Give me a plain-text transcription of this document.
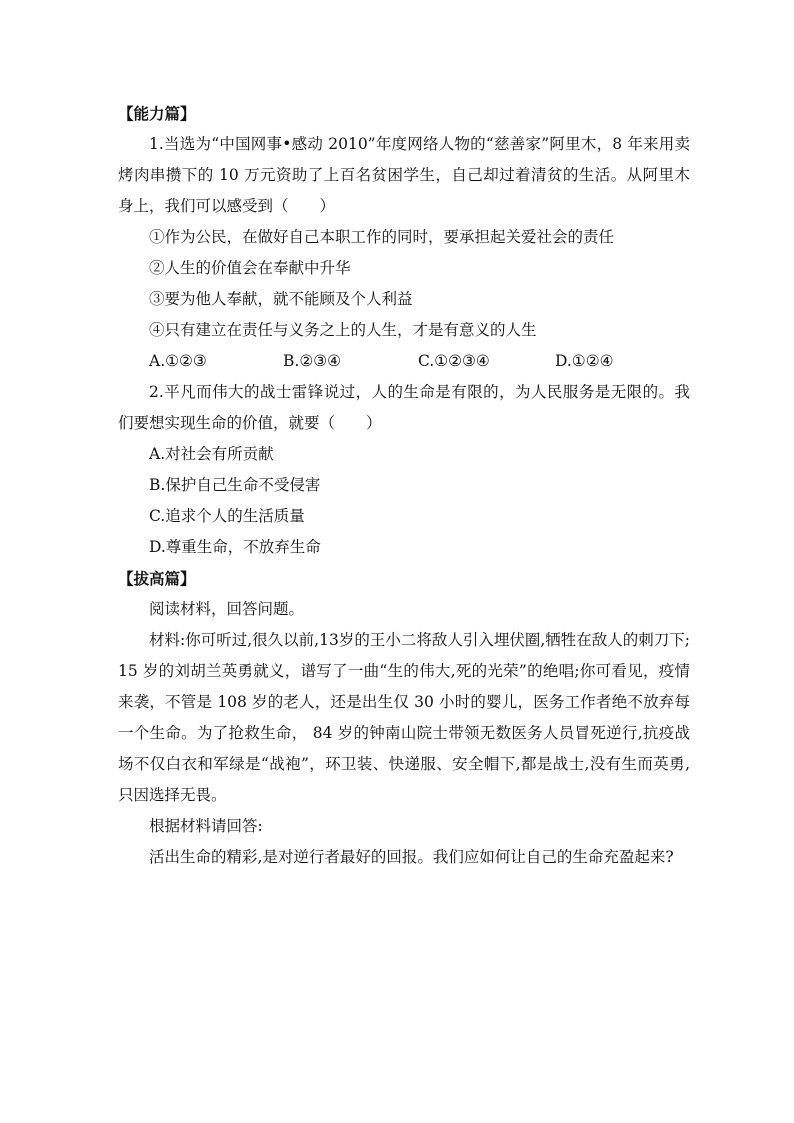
【能力篇】
1.当选为“中国网事•感动 2010”年度网络人物的“慈善家”阿里木，8 年来用卖烤肉串攒下的 10 万元资助了上百名贫困学生，自己却过着清贫的生活。从阿里木身上，我们可以感受到（　　）
①作为公民，在做好自己本职工作的同时，要承担起关爱社会的责任
②人生的价值会在奉献中升华
③要为他人奉献，就不能顾及个人利益
④只有建立在责任与义务之上的人生，才是有意义的人生
A.①②③	B.②③④	C.①②③④	D.①②④
2.平凡而伟大的战士雷锋说过，人的生命是有限的，为人民服务是无限的。我们要想实现生命的价值，就要（　　）
A.对社会有所贡献
B.保护自己生命不受侵害
C.追求个人的生活质量
D.尊重生命，不放弃生命
【拔高篇】
阅读材料，回答问题。
材料:你可听过,很久以前,13岁的王小二将敌人引入埋伏圈,牺牲在敌人的刺刀下; 15 岁的刘胡兰英勇就义，谱写了一曲“生的伟大,死的光荣”的绝唱;你可看见，疫情来袭，不管是 108 岁的老人，还是出生仅 30 小时的婴儿，医务工作者绝不放弃每一个生命。为了抢救生命， 84 岁的钟南山院士带领无数医务人员冒死逆行,抗疫战场不仅白衣和军绿是“战袍”，环卫装、快递服、安全帽下,都是战士,没有生而英勇,只因选择无畏。
根据材料请回答:
活出生命的精彩,是对逆行者最好的回报。我们应如何让自己的生命充盈起来?
